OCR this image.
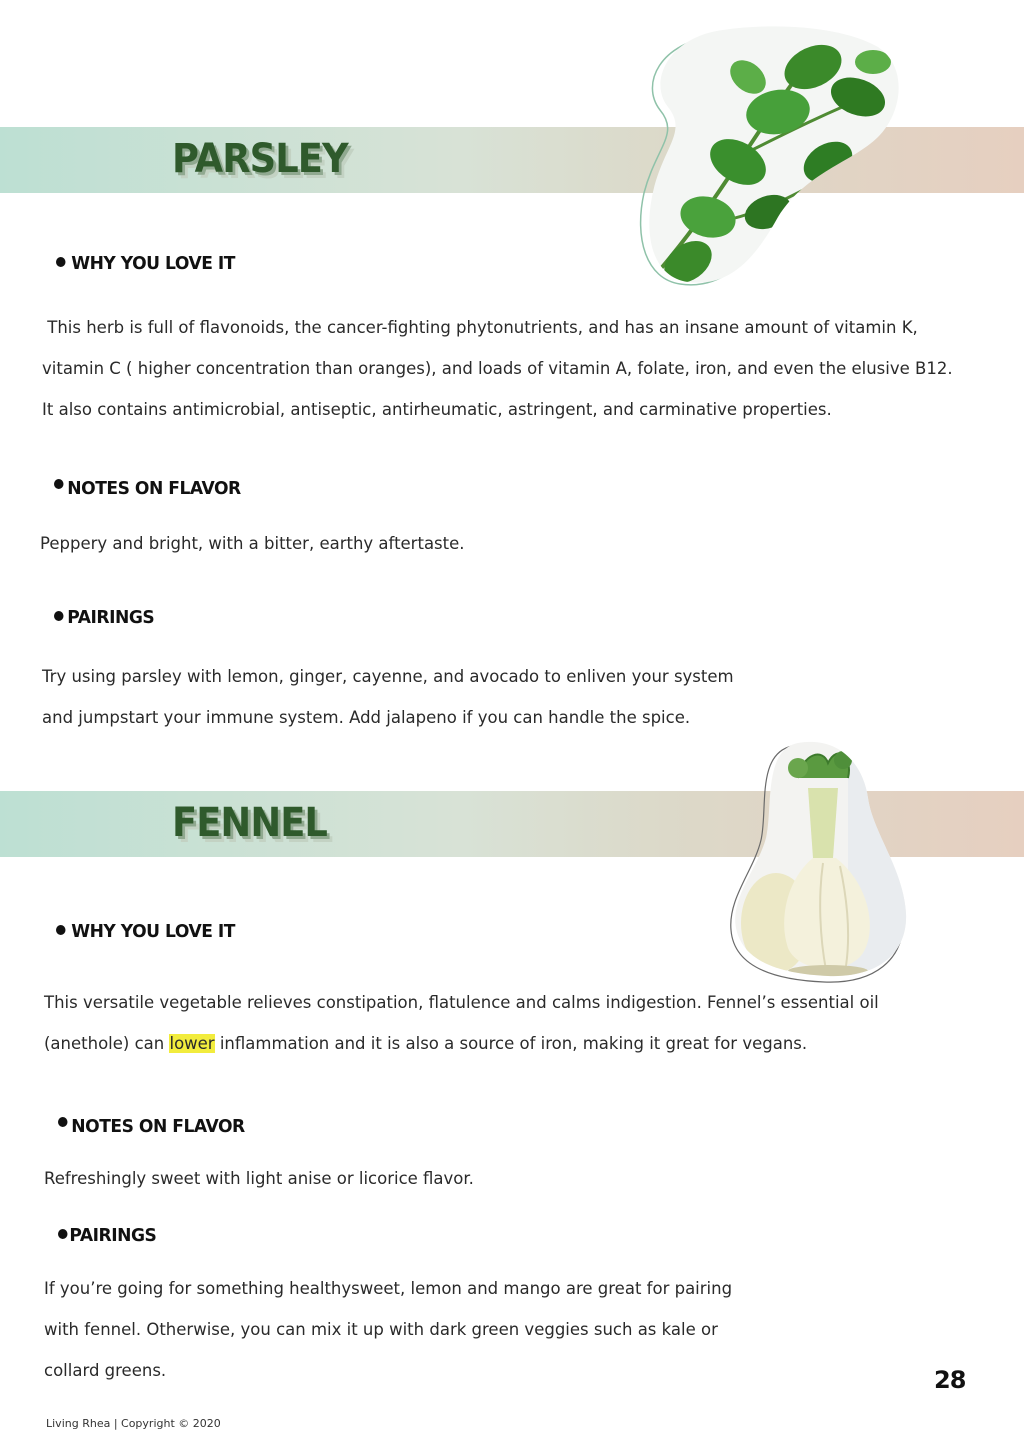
PARSLEY
WHY YOU LOVE IT
This herb is full of flavonoids, the cancer-fighting phytonutrients, and has an insane amount of vitamin K,
vitamin C ( higher concentration than oranges), and loads of vitamin A, folate, iron, and even the elusive B12.
It also contains antimicrobial, antiseptic, antirheumatic, astringent, and carminative properties.
NOTES ON FLAVOR
Peppery and bright, with a bitter, earthy aftertaste.
PAIRINGS
Try using parsley with lemon, ginger, cayenne, and avocado to enliven your system
and jumpstart your immune system. Add jalapeno if you can handle the spice.
FENNEL
WHY YOU LOVE IT
This versatile vegetable relieves constipation, flatulence and calms indigestion. Fennel’s essential oil
(anethole) can lower inflammation and it is also a source of iron, making it great for vegans.
NOTES ON FLAVOR
Refreshingly sweet with light anise or licorice flavor.
PAIRINGS
If you’re going for something healthysweet, lemon and mango are great for pairing
with fennel. Otherwise, you can mix it up with dark green veggies such as kale or
collard greens.	28
Living Rhea | Copyright © 2020
